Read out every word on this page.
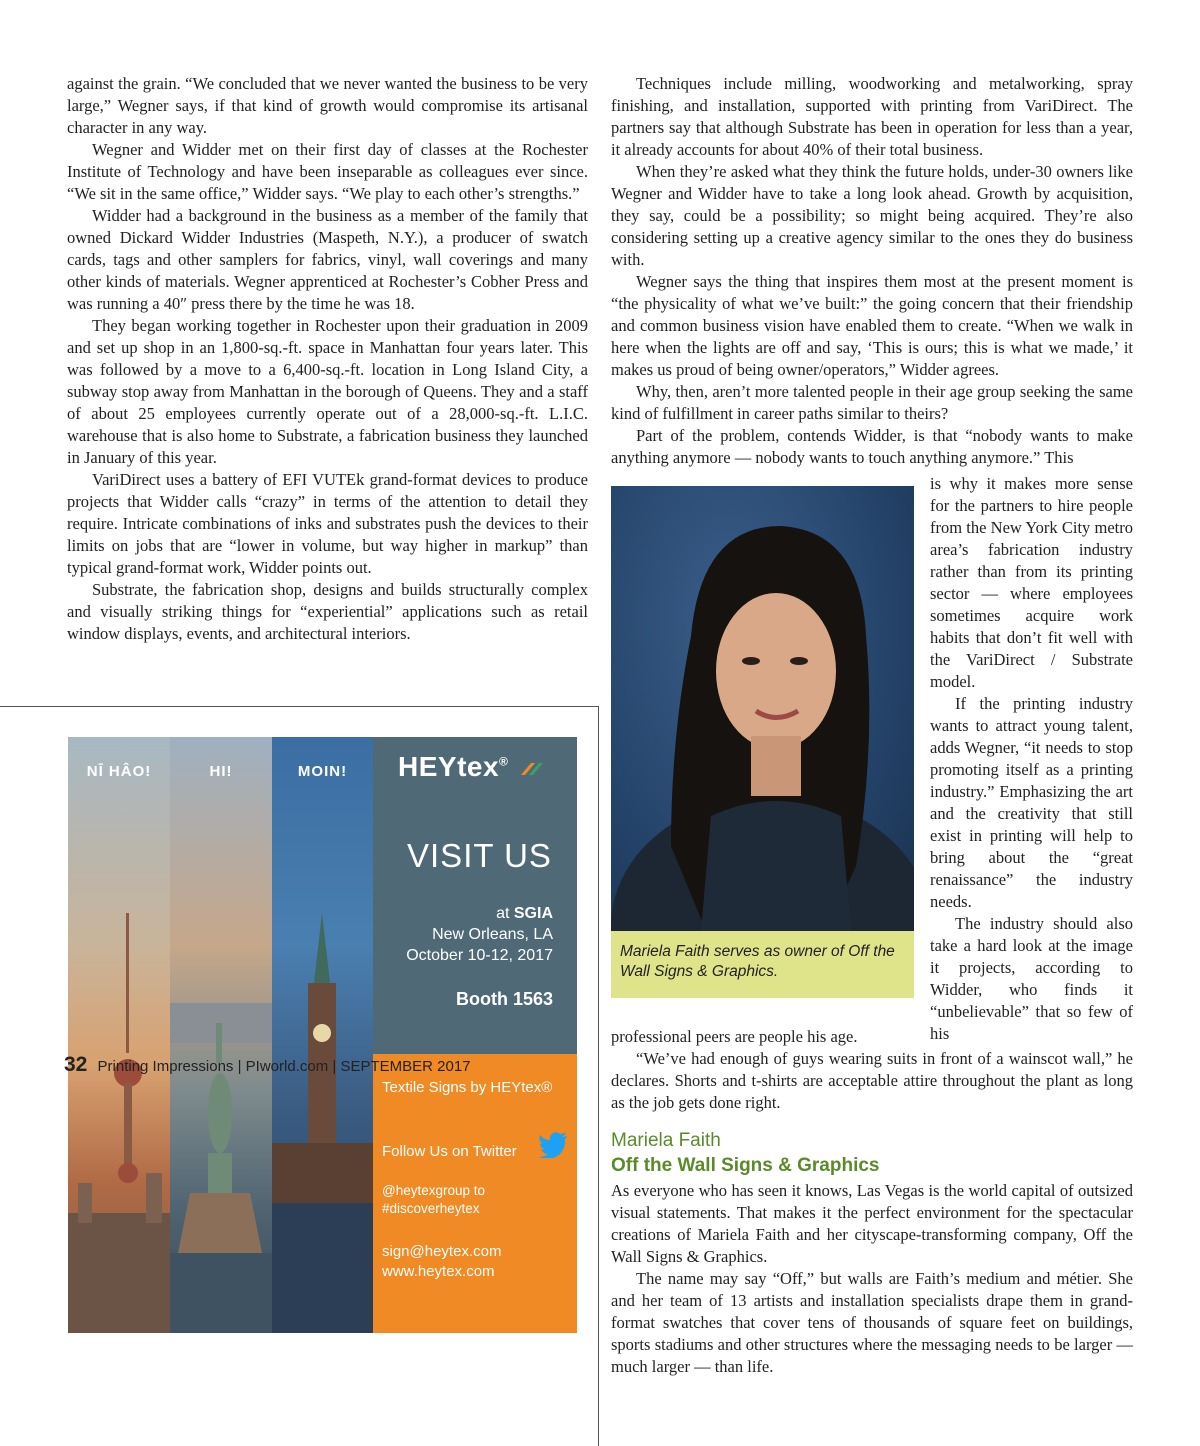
against the grain. “We concluded that we never wanted the business to be very large,” Wegner says, if that kind of growth would compromise its artisanal character in any way.

Wegner and Widder met on their first day of classes at the Rochester Institute of Technology and have been inseparable as colleagues ever since. “We sit in the same office,” Widder says. “We play to each other’s strengths.”

Widder had a background in the business as a member of the family that owned Dickard Widder Industries (Maspeth, N.Y.), a producer of swatch cards, tags and other samplers for fabrics, vinyl, wall coverings and many other kinds of materials. Wegner apprenticed at Rochester’s Cobher Press and was running a 40″ press there by the time he was 18.

They began working together in Rochester upon their graduation in 2009 and set up shop in an 1,800-sq.-ft. space in Manhattan four years later. This was followed by a move to a 6,400-sq.-ft. location in Long Island City, a subway stop away from Manhattan in the borough of Queens. They and a staff of about 25 employees currently operate out of a 28,000-sq.-ft. L.I.C. warehouse that is also home to Substrate, a fabrication business they launched in January of this year.

VariDirect uses a battery of EFI VUTEk grand-format devices to produce projects that Widder calls “crazy” in terms of the attention to detail they require. Intricate combinations of inks and substrates push the devices to their limits on jobs that are “lower in volume, but way higher in markup” than typical grand-format work, Widder points out.

Substrate, the fabrication shop, designs and builds structurally complex and visually striking things for “experiential” applications such as retail window displays, events, and architectural interiors.

Techniques include milling, woodworking and metalworking, spray finishing, and installation, supported with printing from VariDirect. The partners say that although Substrate has been in operation for less than a year, it already accounts for about 40% of their total business.

When they’re asked what they think the future holds, under-30 owners like Wegner and Widder have to take a long look ahead. Growth by acquisition, they say, could be a possibility; so might being acquired. They’re also considering setting up a creative agency similar to the ones they do business with.

Wegner says the thing that inspires them most at the present moment is “the physicality of what we’ve built:” the going concern that their friendship and common business vision have enabled them to create. “When we walk in here when the lights are off and say, ‘This is ours; this is what we made,’ it makes us proud of being owner/operators,” Widder agrees.

Why, then, aren’t more talented people in their age group seeking the same kind of fulfillment in career paths similar to theirs?

Part of the problem, contends Widder, is that “nobody wants to make anything anymore — nobody wants to touch anything anymore.” This

Mariela Faith serves as owner of Off the Wall Signs & Graphics.

is why it makes more sense for the partners to hire people from the New York City metro area’s fabrication industry rather than from its printing sector — where employees sometimes acquire work habits that don’t fit well with the VariDirect / Substrate model.

If the printing industry wants to attract young talent, adds Wegner, “it needs to stop promoting itself as a printing industry.” Emphasizing the art and the creativity that still exist in printing will help to bring about the “great renaissance” the industry needs.

The industry should also take a hard look at the image it projects, according to Widder, who finds it “unbelievable” that so few of his

professional peers are people his age.

“We’ve had enough of guys wearing suits in front of a wainscot wall,” he declares. Shorts and t-shirts are acceptable attire throughout the plant as long as the job gets done right.

Mariela Faith
Off the Wall Signs & Graphics

As everyone who has seen it knows, Las Vegas is the world capital of outsized visual statements. That makes it the perfect environment for the spectacular creations of Mariela Faith and her cityscape-transforming company, Off the Wall Signs & Graphics.

The name may say “Off,” but walls are Faith’s medium and métier. She and her team of 13 artists and installation specialists drape them in grand-format swatches that cover tens of thousands of square feet on buildings, sports stadiums and other structures where the messaging needs to be larger — much larger — than life.

NĪ HÂO!	HI!	MOIN!	HEYtex®
VISIT US
at SGIA
New Orleans, LA
October 10-12, 2017
Booth 1563
Textile Signs by HEYtex®
Follow Us on Twitter
@heytexgroup to
#discoverheytex
sign@heytex.com
www.heytex.com
32 Printing Impressions | PIworld.com | SEPTEMBER 2017
